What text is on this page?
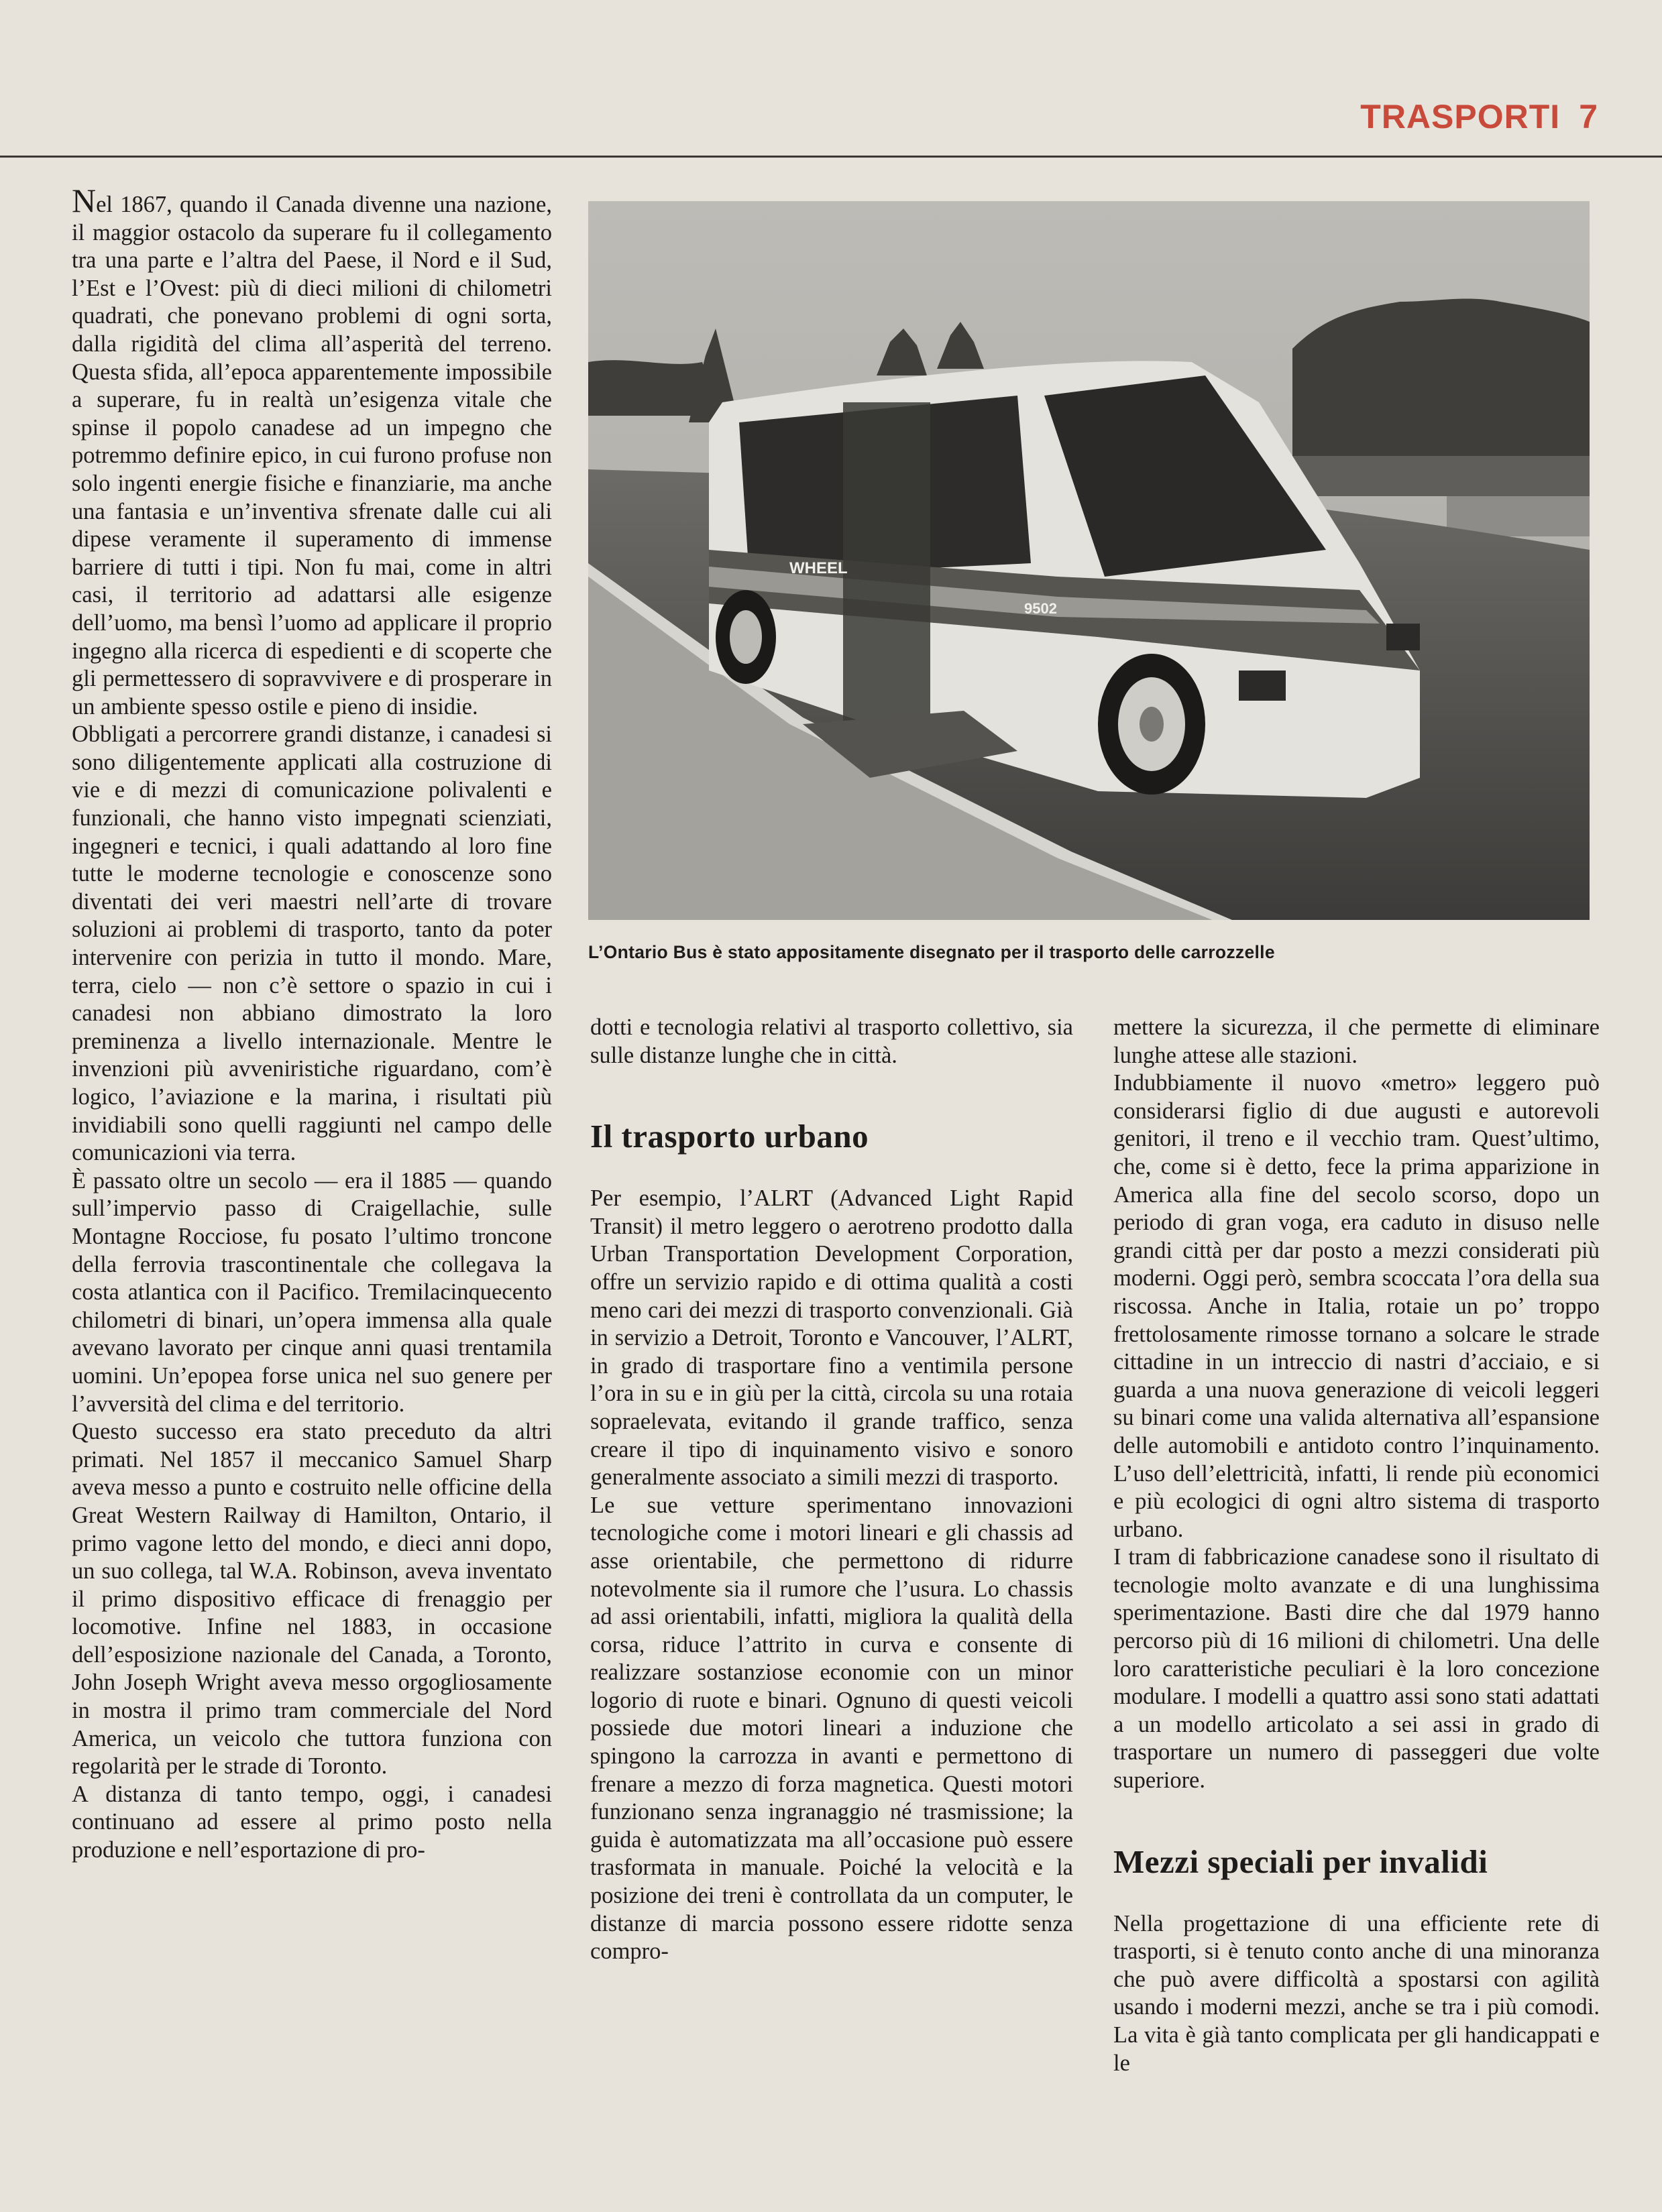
TRASPORTI 7

Nel 1867, quando il Canada divenne una nazione, il maggior ostacolo da superare fu il collegamento tra una parte e l’altra del Paese, il Nord e il Sud, l’Est e l’Ovest: più di dieci milioni di chilometri quadrati, che ponevano problemi di ogni sorta, dalla rigidità del clima all’asperità del terreno. Questa sfida, all’epoca apparentemente impossibile a superare, fu in realtà un’esigenza vitale che spinse il popolo canadese ad un impegno che potremmo definire epico, in cui furono profuse non solo ingenti energie fisiche e finanziarie, ma anche una fantasia e un’inventiva sfrenate dalle cui ali dipese veramente il superamento di immense barriere di tutti i tipi. Non fu mai, come in altri casi, il territorio ad adattarsi alle esigenze dell’uomo, ma bensì l’uomo ad applicare il proprio ingegno alla ricerca di espedienti e di scoperte che gli permettessero di sopravvivere e di prosperare in un ambiente spesso ostile e pieno di insidie.

Obbligati a percorrere grandi distanze, i canadesi si sono diligentemente applicati alla costruzione di vie e di mezzi di comunicazione polivalenti e funzionali, che hanno visto impegnati scienziati, ingegneri e tecnici, i quali adattando al loro fine tutte le moderne tecnologie e conoscenze sono diventati dei veri maestri nell’arte di trovare soluzioni ai problemi di trasporto, tanto da poter intervenire con perizia in tutto il mondo. Mare, terra, cielo — non c’è settore o spazio in cui i canadesi non abbiano dimostrato la loro preminenza a livello internazionale. Mentre le invenzioni più avveniristiche riguardano, com’è logico, l’aviazione e la marina, i risultati più invidiabili sono quelli raggiunti nel campo delle comunicazioni via terra.

È passato oltre un secolo — era il 1885 — quando sull’impervio passo di Craigellachie, sulle Montagne Rocciose, fu posato l’ultimo troncone della ferrovia trascontinentale che collegava la costa atlantica con il Pacifico. Tremilacinquecento chilometri di binari, un’opera immensa alla quale avevano lavorato per cinque anni quasi trentamila uomini. Un’epopea forse unica nel suo genere per l’avversità del clima e del territorio.

Questo successo era stato preceduto da altri primati. Nel 1857 il meccanico Samuel Sharp aveva messo a punto e costruito nelle officine della Great Western Railway di Hamilton, Ontario, il primo vagone letto del mondo, e dieci anni dopo, un suo collega, tal W.A. Robinson, aveva inventato il primo dispositivo efficace di frenaggio per locomotive. Infine nel 1883, in occasione dell’esposizione nazionale del Canada, a Toronto, John Joseph Wright aveva messo orgogliosamente in mostra il primo tram commerciale del Nord America, un veicolo che tuttora funziona con regolarità per le strade di Toronto.

A distanza di tanto tempo, oggi, i canadesi continuano ad essere al primo posto nella produzione e nell’esportazione di pro-

WHEEL
9502
L’Ontario Bus è stato appositamente disegnato per il trasporto delle carrozzelle

dotti e tecnologia relativi al trasporto collettivo, sia sulle distanze lunghe che in città.

Il trasporto urbano

Per esempio, l’ALRT (Advanced Light Rapid Transit) il metro leggero o aerotreno prodotto dalla Urban Transportation Development Corporation, offre un servizio rapido e di ottima qualità a costi meno cari dei mezzi di trasporto convenzionali. Già in servizio a Detroit, Toronto e Vancouver, l’ALRT, in grado di trasportare fino a ventimila persone l’ora in su e in giù per la città, circola su una rotaia sopraelevata, evitando il grande traffico, senza creare il tipo di inquinamento visivo e sonoro generalmente associato a simili mezzi di trasporto.

Le sue vetture sperimentano innovazioni tecnologiche come i motori lineari e gli chassis ad asse orientabile, che permettono di ridurre notevolmente sia il rumore che l’usura. Lo chassis ad assi orientabili, infatti, migliora la qualità della corsa, riduce l’attrito in curva e consente di realizzare sostanziose economie con un minor logorio di ruote e binari. Ognuno di questi veicoli possiede due motori lineari a induzione che spingono la carrozza in avanti e permettono di frenare a mezzo di forza magnetica. Questi motori funzionano senza ingranaggio né trasmissione; la guida è automatizzata ma all’occasione può essere trasformata in manuale. Poiché la velocità e la posizione dei treni è controllata da un computer, le distanze di marcia possono essere ridotte senza compro-

mettere la sicurezza, il che permette di eliminare lunghe attese alle stazioni.

Indubbiamente il nuovo «metro» leggero può considerarsi figlio di due augusti e autorevoli genitori, il treno e il vecchio tram. Quest’ultimo, che, come si è detto, fece la prima apparizione in America alla fine del secolo scorso, dopo un periodo di gran voga, era caduto in disuso nelle grandi città per dar posto a mezzi considerati più moderni. Oggi però, sembra scoccata l’ora della sua riscossa. Anche in Italia, rotaie un po’ troppo frettolosamente rimosse tornano a solcare le strade cittadine in un intreccio di nastri d’acciaio, e si guarda a una nuova generazione di veicoli leggeri su binari come una valida alternativa all’espansione delle automobili e antidoto contro l’inquinamento. L’uso dell’elettricità, infatti, li rende più economici e più ecologici di ogni altro sistema di trasporto urbano.

I tram di fabbricazione canadese sono il risultato di tecnologie molto avanzate e di una lunghissima sperimentazione. Basti dire che dal 1979 hanno percorso più di 16 milioni di chilometri. Una delle loro caratteristiche peculiari è la loro concezione modulare. I modelli a quattro assi sono stati adattati a un modello articolato a sei assi in grado di trasportare un numero di passeggeri due volte superiore.

Mezzi speciali per invalidi

Nella progettazione di una efficiente rete di trasporti, si è tenuto conto anche di una minoranza che può avere difficoltà a spostarsi con agilità usando i moderni mezzi, anche se tra i più comodi. La vita è già tanto complicata per gli handicappati e le
